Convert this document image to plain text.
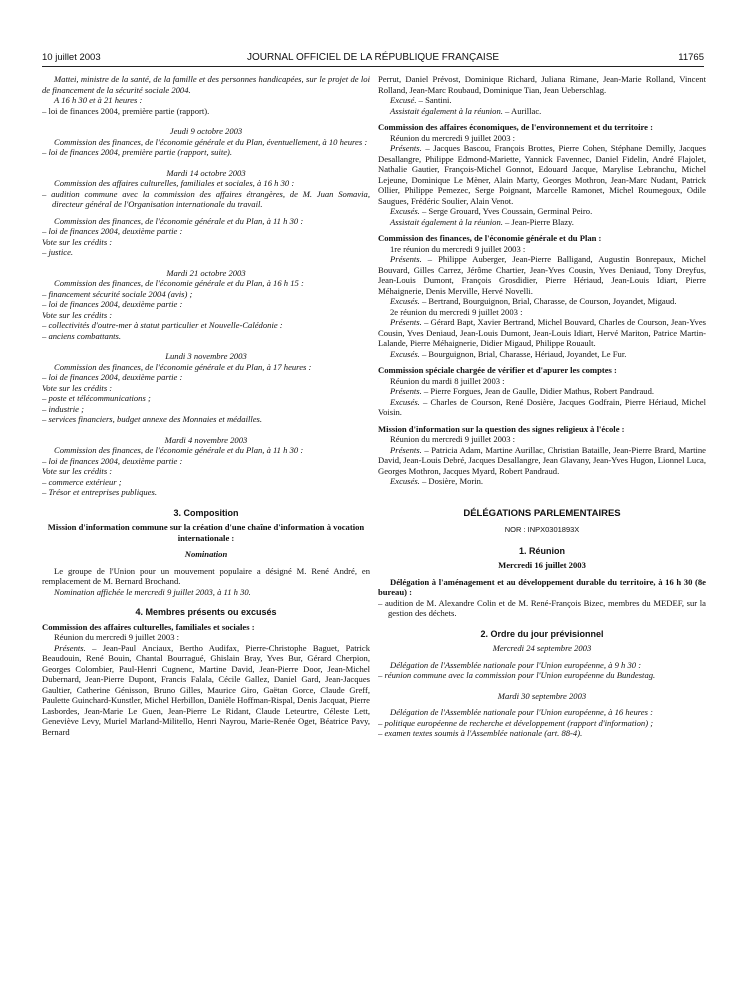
10 juillet 2003	JOURNAL OFFICIEL DE LA RÉPUBLIQUE FRANÇAISE	11765

Mattei, ministre de la santé, de la famille et des personnes handicapées, sur le projet de loi de financement de la sécurité sociale 2004.

A 16 h 30 et à 21 heures :

– loi de finances 2004, première partie (rapport).

Jeudi 9 octobre 2003

Commission des finances, de l'économie générale et du Plan, éventuellement, à 10 heures :

– loi de finances 2004, première partie (rapport, suite).

Mardi 14 octobre 2003

Commission des affaires culturelles, familiales et sociales, à 16 h 30 :

– audition commune avec la commission des affaires étrangères, de M. Juan Somavia, directeur général de l'Organisation internationale du travail.

Commission des finances, de l'économie générale et du Plan, à 11 h 30 :

– loi de finances 2004, deuxième partie :

Vote sur les crédits :

– justice.

Mardi 21 octobre 2003

Commission des finances, de l'économie générale et du Plan, à 16 h 15 :

– financement sécurité sociale 2004 (avis) ;

– loi de finances 2004, deuxième partie :

Vote sur les crédits :

– collectivités d'outre-mer à statut particulier et Nouvelle-Calédonie :

– anciens combattants.

Lundi 3 novembre 2003

Commission des finances, de l'économie générale et du Plan, à 17 heures :

– loi de finances 2004, deuxième partie :

Vote sur les crédits :

– poste et télécommunications ;

– industrie ;

– services financiers, budget annexe des Monnaies et médailles.

Mardi 4 novembre 2003

Commission des finances, de l'économie générale et du Plan, à 11 h 30 :

– loi de finances 2004, deuxième partie :

Vote sur les crédits :

– commerce extérieur ;

– Trésor et entreprises publiques.

3. Composition

Mission d'information commune sur la création d'une chaîne d'information à vocation internationale :

Nomination

Le groupe de l'Union pour un mouvement populaire a désigné M. René André, en remplacement de M. Bernard Brochand.

Nomination affichée le mercredi 9 juillet 2003, à 11 h 30.

4. Membres présents ou excusés

Commission des affaires culturelles, familiales et sociales :

Réunion du mercredi 9 juillet 2003 :

Présents. – Jean-Paul Anciaux, Bertho Audifax, Pierre-Christophe Baguet, Patrick Beaudouin, René Bouin, Chantal Bourragué, Ghislain Bray, Yves Bur, Gérard Cherpion, Georges Colombier, Paul-Henri Cugnenc, Martine David, Jean-Pierre Door, Jean-Michel Dubernard, Jean-Pierre Dupont, Francis Falala, Cécile Gallez, Daniel Gard, Jean-Jacques Gaultier, Catherine Génisson, Bruno Gilles, Maurice Giro, Gaëtan Gorce, Claude Greff, Paulette Guinchard-Kunstler, Michel Herbillon, Danièle Hoffman-Rispal, Denis Jacquat, Pierre Lasbordes, Jean-Marie Le Guen, Jean-Pierre Le Ridant, Claude Leteurtre, Céleste Lett, Geneviève Levy, Muriel Marland-Militello, Henri Nayrou, Marie-Renée Oget, Béatrice Pavy, Bernard

Perrut, Daniel Prévost, Dominique Richard, Juliana Rimane, Jean-Marie Rolland, Vincent Rolland, Jean-Marc Roubaud, Dominique Tian, Jean Ueberschlag.

Excusé. – Santini.

Assistait également à la réunion. – Aurillac.

Commission des affaires économiques, de l'environnement et du territoire :

Réunion du mercredi 9 juillet 2003 :

Présents. – Jacques Bascou, François Brottes, Pierre Cohen, Stéphane Demilly, Jacques Desallangre, Philippe Edmond-Mariette, Yannick Favennec, Daniel Fidelin, André Flajolet, Nathalie Gautier, François-Michel Gonnot, Edouard Jacque, Marylise Lebranchu, Michel Lejeune, Dominique Le Mèner, Alain Marty, Georges Mothron, Jean-Marc Nudant, Patrick Ollier, Philippe Pemezec, Serge Poignant, Marcelle Ramonet, Michel Roumegoux, Odile Saugues, Frédéric Soulier, Alain Venot.

Excusés. – Serge Grouard, Yves Coussain, Germinal Peiro.

Assistait également à la réunion. – Jean-Pierre Blazy.

Commission des finances, de l'économie générale et du Plan :

1re réunion du mercredi 9 juillet 2003 :

Présents. – Philippe Auberger, Jean-Pierre Balligand, Augustin Bonrepaux, Michel Bouvard, Gilles Carrez, Jérôme Chartier, Jean-Yves Cousin, Yves Deniaud, Tony Dreyfus, Jean-Louis Dumont, François Grosdidier, Pierre Hériaud, Jean-Louis Idiart, Pierre Méhaignerie, Denis Merville, Hervé Novelli.

Excusés. – Bertrand, Bourguignon, Brial, Charasse, de Courson, Joyandet, Migaud.

2e réunion du mercredi 9 juillet 2003 :

Présents. – Gérard Bapt, Xavier Bertrand, Michel Bouvard, Charles de Courson, Jean-Yves Cousin, Yves Deniaud, Jean-Louis Dumont, Jean-Louis Idiart, Hervé Mariton, Patrice Martin-Lalande, Pierre Méhaignerie, Didier Migaud, Philippe Rouault.

Excusés. – Bourguignon, Brial, Charasse, Hériaud, Joyandet, Le Fur.

Commission spéciale chargée de vérifier et d'apurer les comptes :

Réunion du mardi 8 juillet 2003 :

Présents. – Pierre Forgues, Jean de Gaulle, Didier Mathus, Robert Pandraud.

Excusés. – Charles de Courson, René Dosière, Jacques Godfrain, Pierre Hériaud, Michel Voisin.

Mission d'information sur la question des signes religieux à l'école :

Réunion du mercredi 9 juillet 2003 :

Présents. – Patricia Adam, Martine Aurillac, Christian Bataille, Jean-Pierre Brard, Martine David, Jean-Louis Debré, Jacques Desallangre, Jean Glavany, Jean-Yves Hugon, Lionnel Luca, Georges Mothron, Jacques Myard, Robert Pandraud.

Excusés. – Dosière, Morin.

DÉLÉGATIONS PARLEMENTAIRES
NOR : INPX0301893X
1. Réunion

Mercredi 16 juillet 2003

Délégation à l'aménagement et au développement durable du territoire, à 16 h 30 (8e bureau) :

– audition de M. Alexandre Colin et de M. René-François Bizec, membres du MEDEF, sur la gestion des déchets.

2. Ordre du jour prévisionnel

Mercredi 24 septembre 2003

Délégation de l'Assemblée nationale pour l'Union européenne, à 9 h 30 :

– réunion commune avec la commission pour l'Union européenne du Bundestag.

Mardi 30 septembre 2003

Délégation de l'Assemblée nationale pour l'Union européenne, à 16 heures :

– politique européenne de recherche et développement (rapport d'information) ;

– examen textes soumis à l'Assemblée nationale (art. 88-4).
